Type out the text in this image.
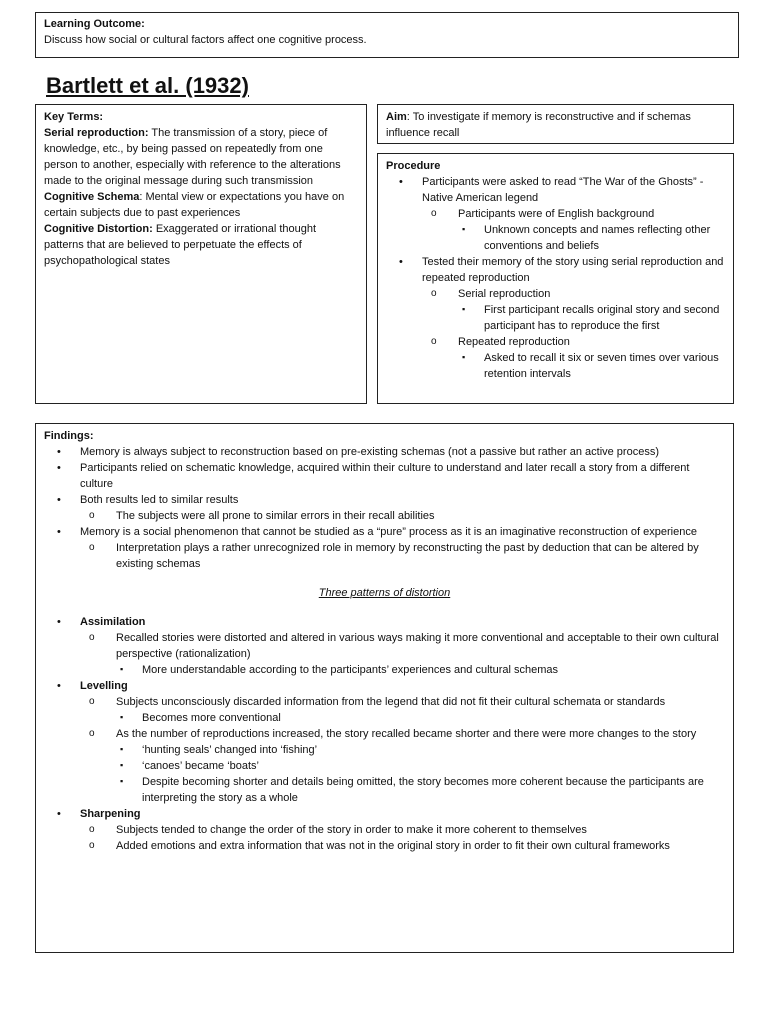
Learning Outcome:
Discuss how social or cultural factors affect one cognitive process.
Bartlett et al. (1932)
Key Terms:
Serial reproduction: The transmission of a story, piece of knowledge, etc., by being passed on repeatedly from one person to another, especially with reference to the alterations made to the original message during such transmission
Cognitive Schema: Mental view or expectations you have on certain subjects due to past experiences
Cognitive Distortion: Exaggerated or irrational thought patterns that are believed to perpetuate the effects of psychopathological states
Aim: To investigate if memory is reconstructive and if schemas influence recall
Procedure
• Participants were asked to read “The War of the Ghosts” - Native American legend
o Participants were of English background
▪ Unknown concepts and names reflecting other conventions and beliefs
• Tested their memory of the story using serial reproduction and repeated reproduction
o Serial reproduction
▪ First participant recalls original story and second participant has to reproduce the first
o Repeated reproduction
▪ Asked to recall it six or seven times over various retention intervals
Findings:
• Memory is always subject to reconstruction based on pre-existing schemas (not a passive but rather an active process)
• Participants relied on schematic knowledge, acquired within their culture to understand and later recall a story from a different culture
• Both results led to similar results
o The subjects were all prone to similar errors in their recall abilities
• Memory is a social phenomenon that cannot be studied as a “pure” process as it is an imaginative reconstruction of experience
o Interpretation plays a rather unrecognized role in memory by reconstructing the past by deduction that can be altered by existing schemas
Three patterns of distortion
• Assimilation
o Recalled stories were distorted and altered in various ways making it more conventional and acceptable to their own cultural perspective (rationalization)
▪ More understandable according to the participants’ experiences and cultural schemas
• Levelling
o Subjects unconsciously discarded information from the legend that did not fit their cultural schemata or standards
▪ Becomes more conventional
o As the number of reproductions increased, the story recalled became shorter and there were more changes to the story
▪ ‘hunting seals’ changed into ‘fishing’
▪ ‘canoes’ became ‘boats’
▪ Despite becoming shorter and details being omitted, the story becomes more coherent because the participants are interpreting the story as a whole
• Sharpening
o Subjects tended to change the order of the story in order to make it more coherent to themselves
o Added emotions and extra information that was not in the original story in order to fit their own cultural frameworks
